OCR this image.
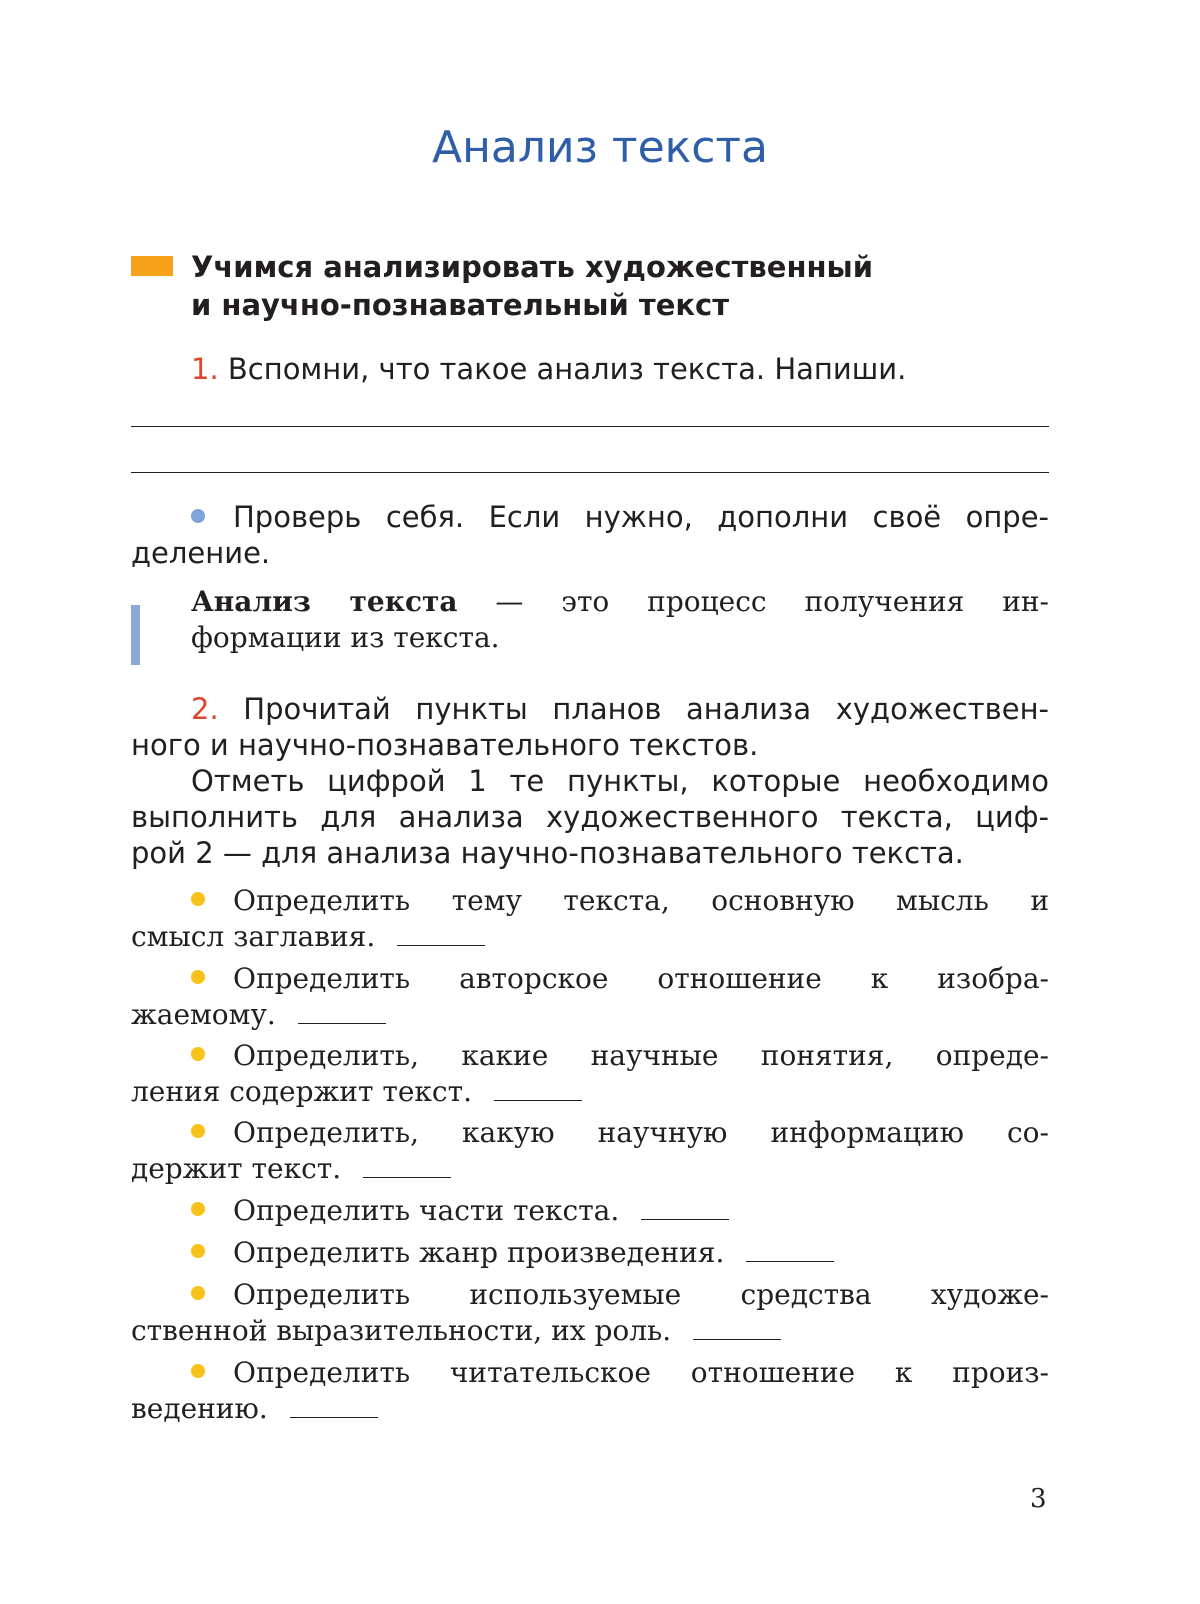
Анализ текста
Учимся анализировать художественный
и научно-познавательный текст
1. Вспомни, что такое анализ текста. Напиши.
Проверь себя. Если нужно, дополни своё опре-
деление.
Анализ текста — это процесс получения ин-
формации из текста.
2. Прочитай пункты планов анализа художествен-
ного и научно-познавательного текстов.
Отметь цифрой 1 те пункты, которые необходимо
выполнить для анализа художественного текста, циф-
рой 2 — для анализа научно-познавательного текста.
Определить тему текста, основную мысль и
смысл заглавия.
Определить авторское отношение к изобра-
жаемому.
Определить, какие научные понятия, опреде-
ления содержит текст.
Определить, какую научную информацию со-
держит текст.
Определить части текста.
Определить жанр произведения.
Определить используемые средства художе-
ственной выразительности, их роль.
Определить читательское отношение к произ-
ведению.
3
